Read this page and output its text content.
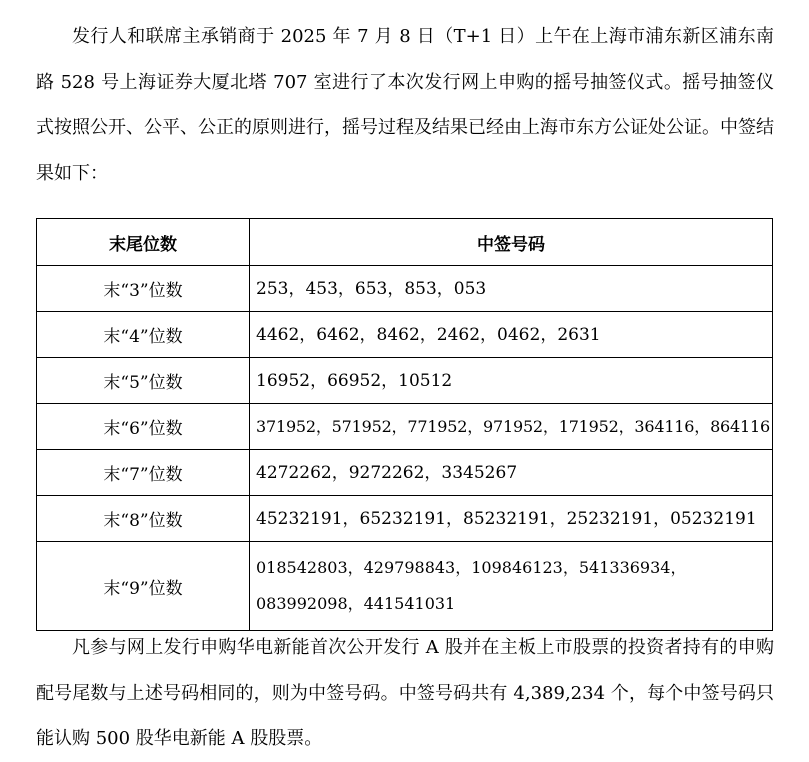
发行人和联席主承销商于 2025 年 7 月 8 日（T+1 日）上午在上海市浦东新区浦东南路 528 号上海证券大厦北塔 707 室进行了本次发行网上申购的摇号抽签仪式。摇号抽签仪式按照公开、公平、公正的原则进行，摇号过程及结果已经由上海市东方公证处公证。中签结果如下：

末尾位数	中签号码
末“3”位数	253，453，653，853，053
末“4”位数	4462，6462，8462，2462，0462，2631
末“5”位数	16952，66952，10512
末“6”位数	371952，571952，771952，971952，171952，364116，864116
末“7”位数	4272262，9272262，3345267
末“8”位数	45232191，65232191，85232191，25232191，05232191
末“9”位数	018542803，429798843，109846123，541336934，083992098，441541031

凡参与网上发行申购华电新能首次公开发行 A 股并在主板上市股票的投资者持有的申购配号尾数与上述号码相同的，则为中签号码。中签号码共有 4,389,234 个，每个中签号码只能认购 500 股华电新能 A 股股票。
